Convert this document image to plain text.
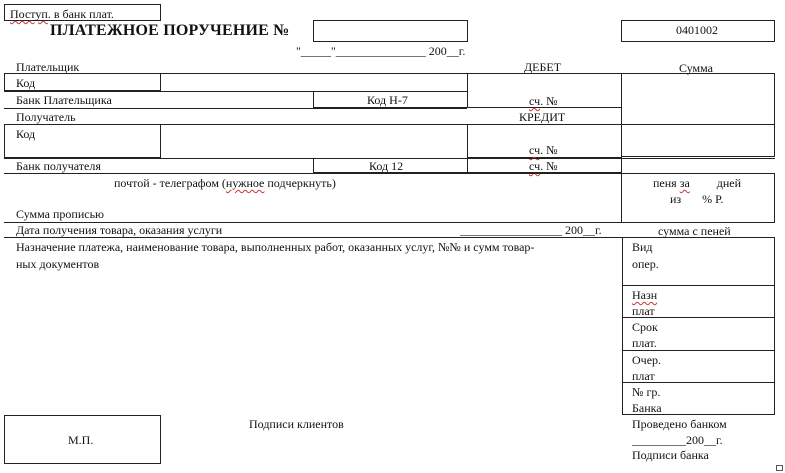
Поступ. в банк плат.
ПЛАТЕЖНОЕ ПОРУЧЕНИЕ №	0401002
"_____"_______________ 200__г.
Плательщик	ДЕБЕТ	Сумма
Код
Банк Плательщика	Код Н-7	сч. №
Получатель	КРЕДИТ
Код
сч. №
Банк получателя	Код 12	сч. №
почтой - телеграфом (нужное подчеркнуть)	пеня за         дней
из       % Р.
Сумма прописью
Дата получения товара, оказания услуги	_________________ 200__г.	сумма с пеней
Назначение платежа, наименование товара, выполненных работ, оказанных услуг, №№ и сумм товар-
ных документов
Вид
опер.
Назн
плат
Срок
плат.
Очер.
плат
№ гр.
Банка
М.П.
Подписи клиентов	Проведено банком
_________200__г.
Подписи банка
